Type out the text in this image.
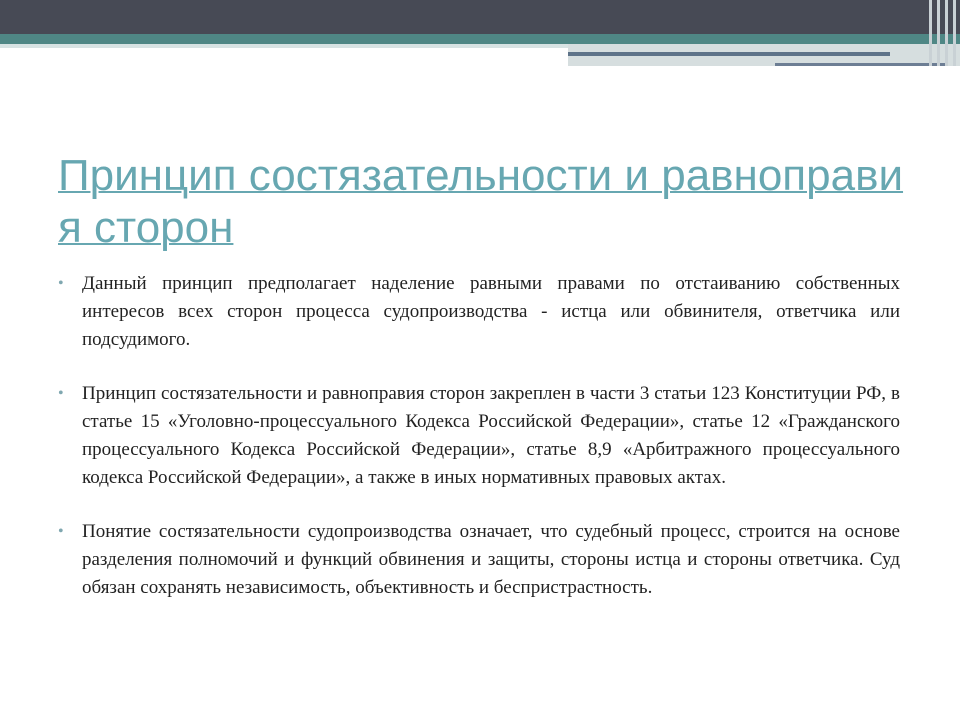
Принцип состязательности и равноправия сторон
• Данный принцип предполагает наделение равными правами по отстаиванию собственных интересов всех сторон процесса судопроизводства - истца или обвинителя, ответчика или подсудимого.
• Принцип состязательности и равноправия сторон закреплен в части 3 статьи 123 Конституции РФ, в статье 15 «Уголовно-процессуального Кодекса Российской Федерации», статье 12 «Гражданского процессуального Кодекса Российской Федерации», статье 8,9 «Арбитражного процессуального кодекса Российской Федерации», а также в иных нормативных правовых актах.
• Понятие состязательности судопроизводства означает, что судебный процесс, строится на основе разделения полномочий и функций обвинения и защиты, стороны истца и стороны ответчика. Суд обязан сохранять независимость, объективность и беспристрастность.
